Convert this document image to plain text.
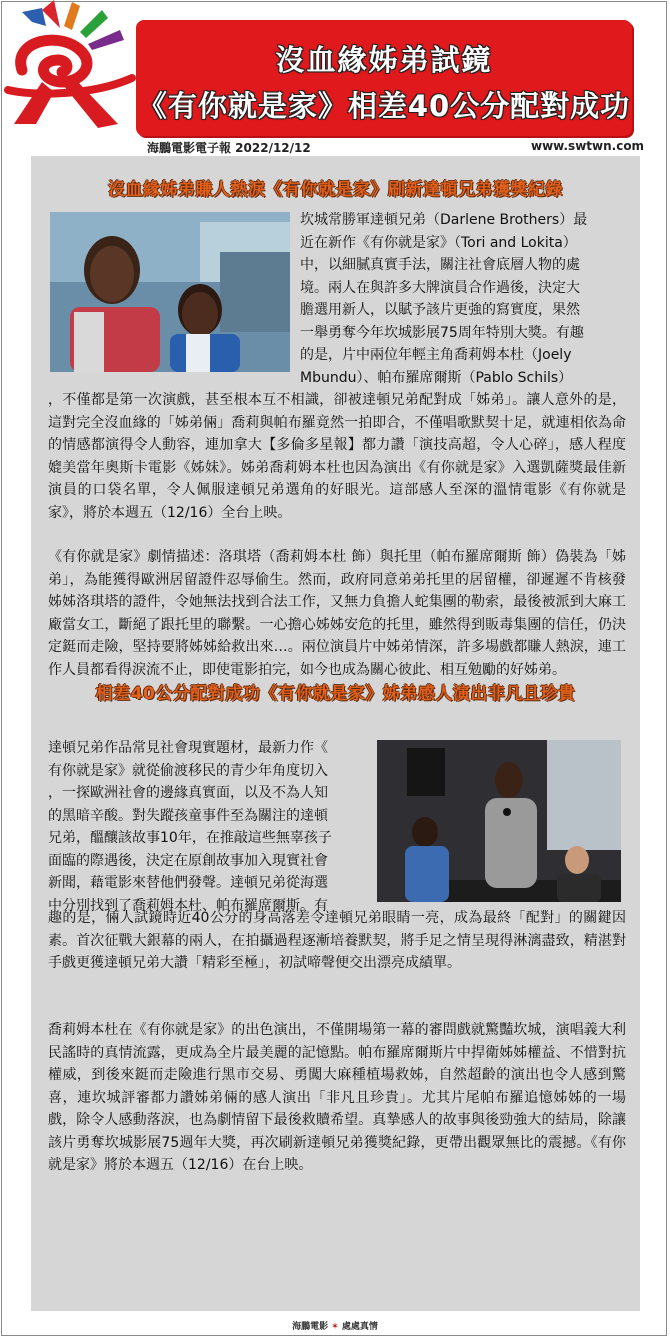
沒血緣姊弟試鏡
《有你就是家》相差40公分配對成功
海鵬電影電子報 2022/12/12	www.swtwn.com
沒血緣姊弟賺人熱淚《有你就是家》刷新達頓兄弟獲獎紀錄
坎城常勝軍達頓兄弟（Darlene Brothers）最
近在新作《有你就是家》（Tori and Lokita）
中，以細膩真實手法，關注社會底層人物的處
境。兩人在與許多大牌演員合作過後，決定大
膽選用新人，以賦予該片更強的寫實度，果然
一舉勇奪今年坎城影展75周年特別大獎。有趣
的是，片中兩位年輕主角喬莉姆本杜（Joely
Mbundu）、帕布羅席爾斯（Pablo Schils）
，不僅都是第一次演戲，甚至根本互不相識，卻被達頓兄弟配對成「姊弟」。讓人意外的是，這對完全沒血緣的「姊弟倆」喬莉與帕布羅竟然一拍即合，不僅唱歌默契十足，就連相依為命的情感都演得令人動容，連加拿大【多倫多星報】都力讚「演技高超，令人心碎」，感人程度媲美當年奧斯卡電影《姊妹》。姊弟喬莉姆本杜也因為演出《有你就是家》入選凱薩獎最佳新演員的口袋名單，令人佩服達頓兄弟選角的好眼光。這部感人至深的溫情電影《有你就是家》，將於本週五（12/16）全台上映。
《有你就是家》劇情描述：洛琪塔（喬莉姆本杜 飾）與托里（帕布羅席爾斯 飾）偽裝為「姊弟」，為能獲得歐洲居留證件忍辱偷生。然而，政府同意弟弟托里的居留權，卻遲遲不肯核發姊姊洛琪塔的證件，令她無法找到合法工作，又無力負擔人蛇集團的勒索，最後被派到大麻工廠當女工，斷絕了跟托里的聯繫。一心擔心姊姊安危的托里，雖然得到販毒集團的信任，仍決定鋌而走險，堅持要將姊姊給救出來…。兩位演員片中姊弟情深，許多場戲都賺人熱淚，連工作人員都看得淚流不止，即使電影拍完，如今也成為關心彼此、相互勉勵的好姊弟。
相差40公分配對成功《有你就是家》姊弟感人演出非凡且珍貴
達頓兄弟作品常見社會現實題材，最新力作《
有你就是家》就從偷渡移民的青少年角度切入
，一探歐洲社會的邊緣真實面，以及不為人知
的黑暗辛酸。對失蹤孩童事件至為關注的達頓
兄弟，醞釀該故事10年，在推敲這些無辜孩子
面臨的際遇後，決定在原創故事加入現實社會
新聞，藉電影來替他們發聲。達頓兄弟從海選
中分別找到了喬莉姆本杜、帕布羅席爾斯。有
趣的是，倆人試鏡時近40公分的身高落差令達頓兄弟眼睛一亮，成為最終「配對」的關鍵因素。首次征戰大銀幕的兩人，在拍攝過程逐漸培養默契，將手足之情呈現得淋漓盡致，精湛對手戲更獲達頓兄弟大讚「精彩至極」，初試啼聲便交出漂亮成績單。
喬莉姆本杜在《有你就是家》的出色演出，不僅開場第一幕的審問戲就驚豔坎城，演唱義大利民謠時的真情流露，更成為全片最美麗的記憶點。帕布羅席爾斯片中捍衛姊姊權益、不惜對抗權威，到後來鋌而走險進行黑市交易、勇闖大麻種植場救姊，自然超齡的演出也令人感到驚喜，連坎城評審都力讚姊弟倆的感人演出「非凡且珍貴」。尤其片尾帕布羅追憶姊姊的一場戲，除令人感動落淚，也為劇情留下最後救贖希望。真摯感人的故事與後勁強大的結局，除讓該片勇奪坎城影展75週年大獎，再次刷新達頓兄弟獲獎紀錄，更帶出觀眾無比的震撼。《有你就是家》將於本週五（12/16）在台上映。
海鵬電影 ✶ 處處真情
